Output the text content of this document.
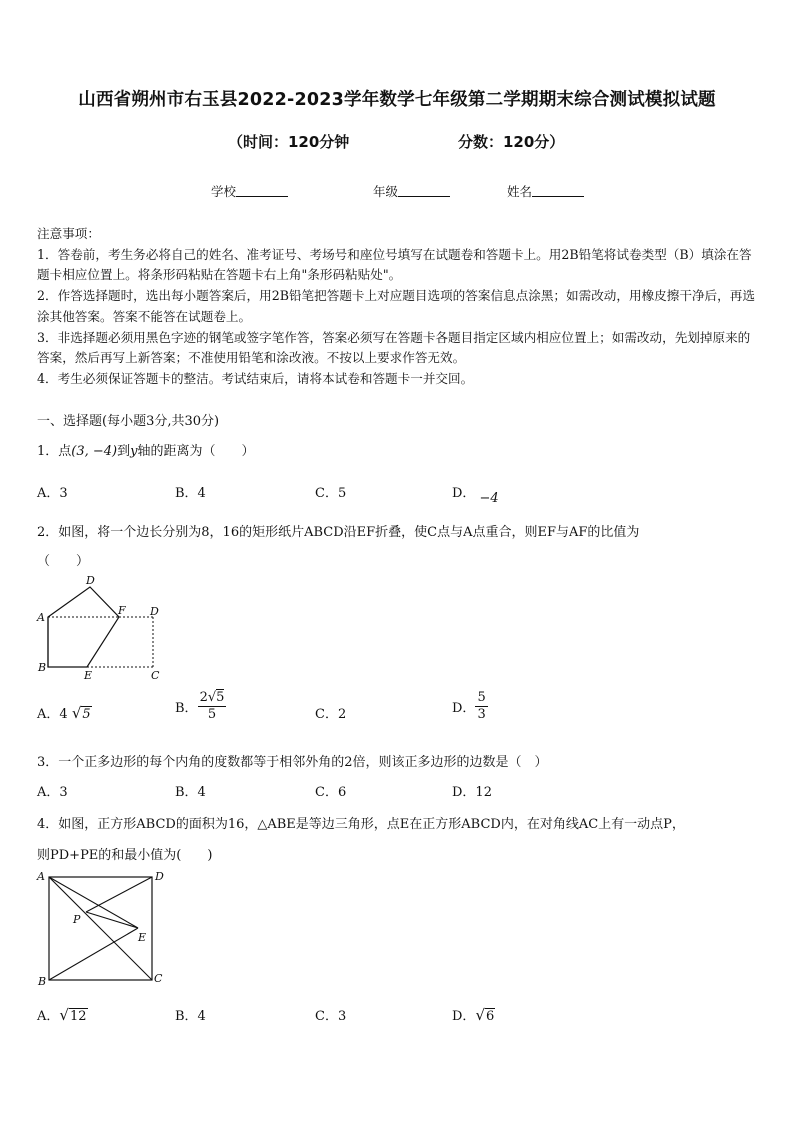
山西省朔州市右玉县2022-2023学年数学七年级第二学期期末综合测试模拟试题
（时间：120分钟	分数：120分）
学校	年级	姓名

注意事项：

1．答卷前，考生务必将自己的姓名、准考证号、考场号和座位号填写在试题卷和答题卡上。用2B铅笔将试卷类型（B）填涂在答题卡相应位置上。将条形码粘贴在答题卡右上角"条形码粘贴处"。

2．作答选择题时，选出每小题答案后，用2B铅笔把答题卡上对应题目选项的答案信息点涂黑；如需改动，用橡皮擦干净后，再选涂其他答案。答案不能答在试题卷上。

3．非选择题必须用黑色字迹的钢笔或签字笔作答，答案必须写在答题卡各题目指定区域内相应位置上；如需改动，先划掉原来的答案，然后再写上新答案；不准使用铅笔和涂改液。不按以上要求作答无效。

4．考生必须保证答题卡的整洁。考试结束后，请将本试卷和答题卡一并交回。

一、选择题(每小题3分,共30分)
1．点(3, −4)到y轴的距离为（　　）
A．3	B．4	C．5	D． −4
2．如图，将一个边长分别为8，16的矩形纸片ABCD沿EF折叠，使C点与A点重合，则EF与AF的比值为
（　　）
D
A
F D
B
E	C
A．4 √5	B． $\frac{2√5}{5}$	C．2	D． $\frac{5}{3}$
3．一个正多边形的每个内角的度数都等于相邻外角的2倍，则该正多边形的边数是（　）
A．3	B．4	C．6	D．12
4．如图，正方形ABCD的面积为16，△ABE是等边三角形，点E在正方形ABCD内，在对角线AC上有一动点P，
则PD+PE的和最小值为(　　)
A	D
P
E
B	C
A．√12	B．4	C．3	D．√6
